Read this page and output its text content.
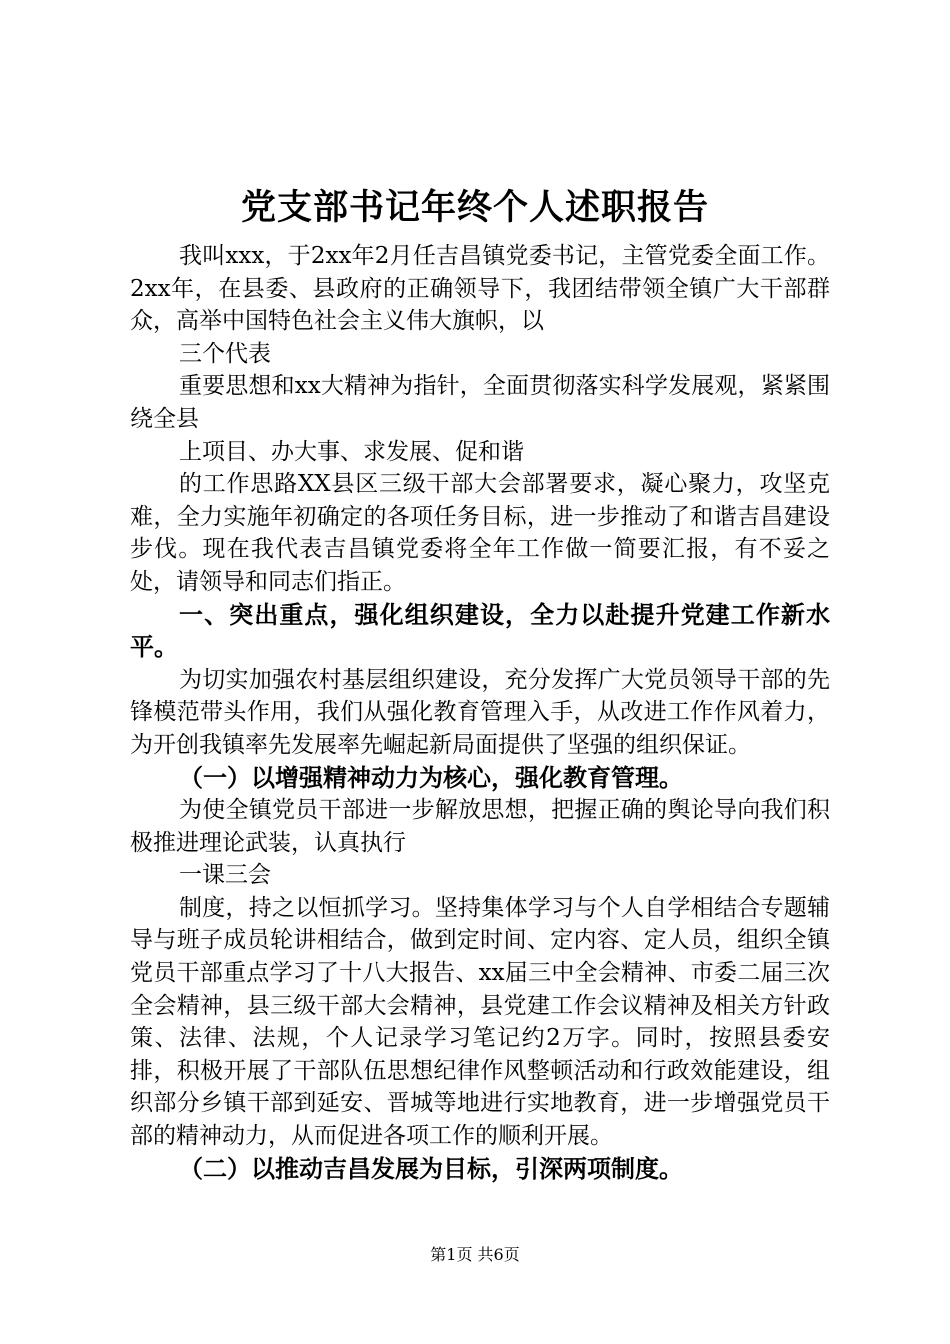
党支部书记年终个人述职报告

我叫xxx，于2xx年2月任吉昌镇党委书记，主管党委全面工作。2xx年，在县委、县政府的正确领导下，我团结带领全镇广大干部群众，高举中国特色社会主义伟大旗帜，以

三个代表

重要思想和xx大精神为指针，全面贯彻落实科学发展观，紧紧围绕全县

上项目、办大事、求发展、促和谐

的工作思路XX县区三级干部大会部署要求，凝心聚力，攻坚克难，全力实施年初确定的各项任务目标，进一步推动了和谐吉昌建设步伐。现在我代表吉昌镇党委将全年工作做一简要汇报，有不妥之处，请领导和同志们指正。

一、突出重点，强化组织建设，全力以赴提升党建工作新水平。

为切实加强农村基层组织建设，充分发挥广大党员领导干部的先锋模范带头作用，我们从强化教育管理入手，从改进工作作风着力，为开创我镇率先发展率先崛起新局面提供了坚强的组织保证。

（一）以增强精神动力为核心，强化教育管理。

为使全镇党员干部进一步解放思想，把握正确的舆论导向我们积极推进理论武装，认真执行

一课三会

制度，持之以恒抓学习。坚持集体学习与个人自学相结合专题辅导与班子成员轮讲相结合，做到定时间、定内容、定人员，组织全镇党员干部重点学习了十八大报告、xx届三中全会精神、市委二届三次全会精神，县三级干部大会精神，县党建工作会议精神及相关方针政策、法律、法规，个人记录学习笔记约2万字。同时，按照县委安排，积极开展了干部队伍思想纪律作风整顿活动和行政效能建设，组织部分乡镇干部到延安、晋城等地进行实地教育，进一步增强党员干部的精神动力，从而促进各项工作的顺利开展。

（二）以推动吉昌发展为目标，引深两项制度。

第1页 共6页
